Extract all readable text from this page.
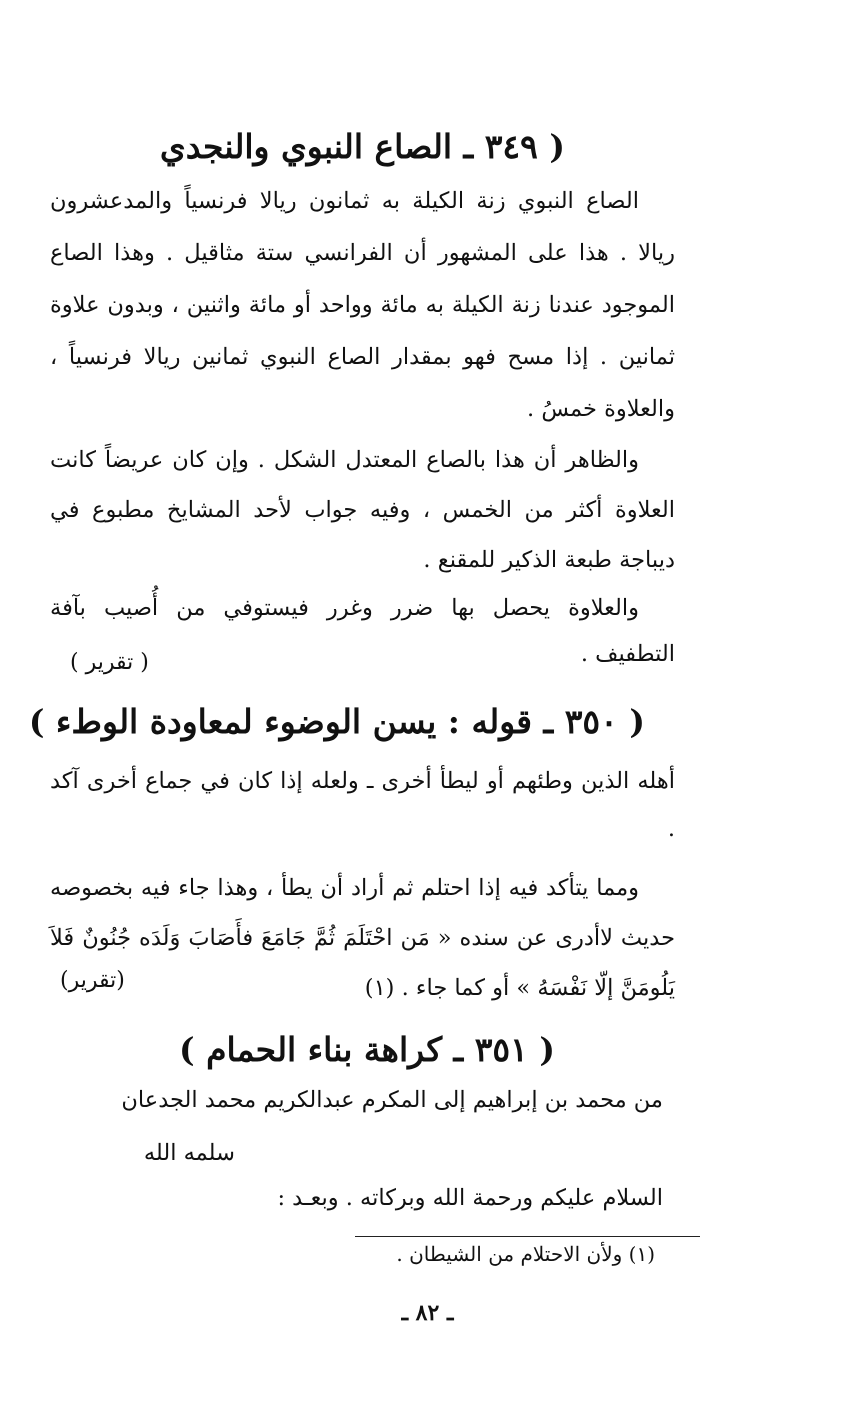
( ٣٤٩ ـ الصاع النبوي والنجدي
الصاع النبوي زنة الكيلة به ثمانون ريالا فرنسياً والمدعشرون ريالا . هذا على المشهور أن الفرانسي ستة مثاقيل . وهذا الصاع الموجود عندنا زنة الكيلة به مائة وواحد أو مائة واثنين ، وبدون علاوة ثمانين . إذا مسح فهو بمقدار الصاع النبوي ثمانين ريالا فرنسياً ، والعلاوة خمسُ .
والظاهر أن هذا بالصاع المعتدل الشكل . وإن كان عريضاً كانت العلاوة أكثر من الخمس ، وفيه جواب لأحد المشايخ مطبوع في ديباجة طبعة الذكير للمقنع .
والعلاوة يحصل بها ضرر وغرر فيستوفي من أُصيب بآفة التطفيف .
( تقرير )
( ٣٥٠ ـ قوله : يسن الوضوء لمعاودة الوطء )
أهله الذين وطئهم أو ليطأ أخرى ـ ولعله إذا كان في جماع أخرى آكد .
ومما يتأكد فيه إذا احتلم ثم أراد أن يطأ ، وهذا جاء فيه بخصوصه حديث لاأدرى عن سنده « مَن احْتَلَمَ ثُمَّ جَامَعَ فأَصَابَ وَلَدَه جُنُونٌ فَلاَ يَلُومَنَّ إلّا نَفْسَهُ » أو كما جاء . (١)
(تقرير)
( ٣٥١ ـ كراهة بناء الحمام )
من محمد بن إبراهيم إلى المكرم عبدالكريم محمد الجدعان
سلمه الله
السلام عليكم ورحمة الله وبركاته . وبعـد :
(١) ولأن الاحتلام من الشيطان .
ـ ٨٢ ـ
